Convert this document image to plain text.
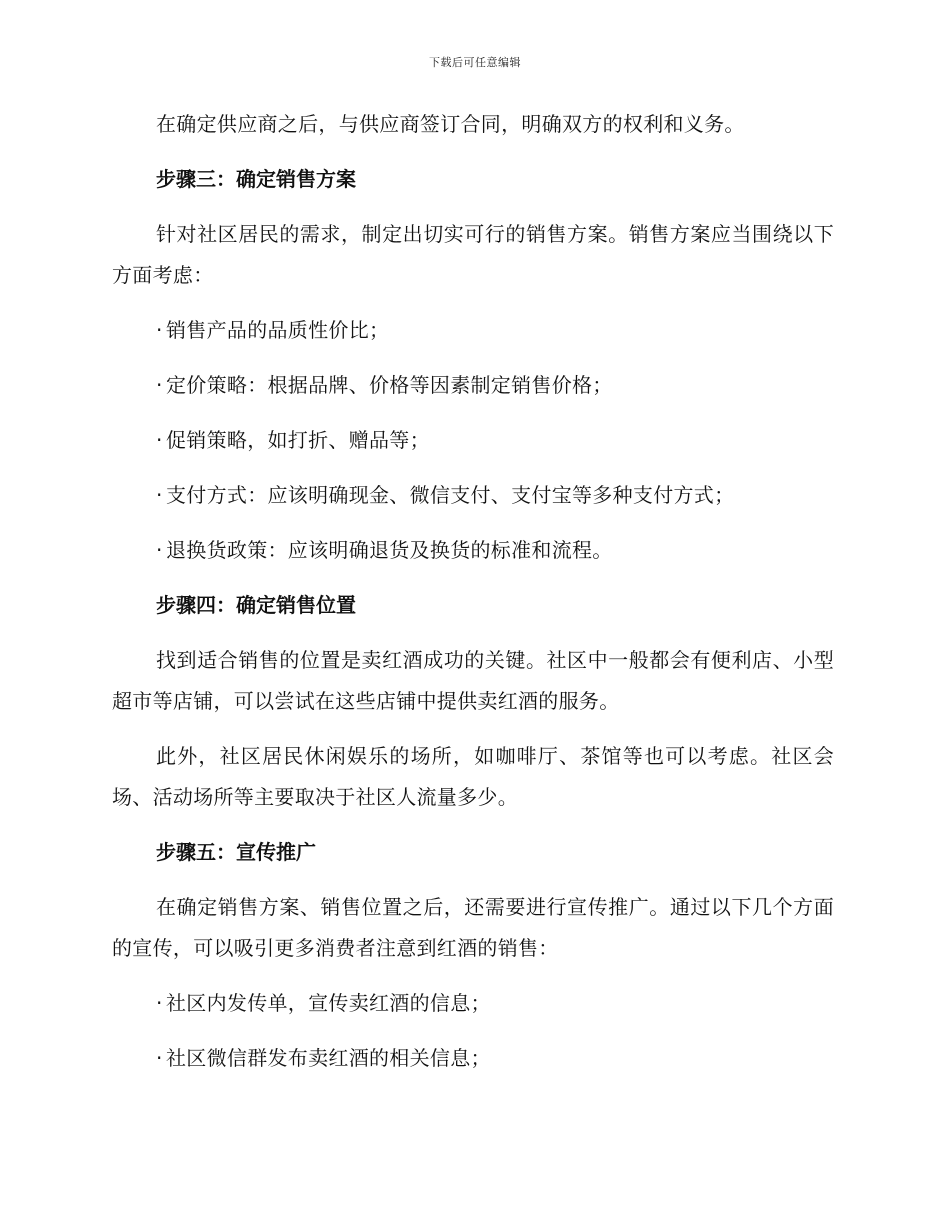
下载后可任意编辑

在确定供应商之后，与供应商签订合同，明确双方的权利和义务。

步骤三：确定销售方案

针对社区居民的需求，制定出切实可行的销售方案。销售方案应当围绕以下方面考虑：

· 销售产品的品质性价比；
· 定价策略：根据品牌、价格等因素制定销售价格；
· 促销策略，如打折、赠品等；
· 支付方式：应该明确现金、微信支付、支付宝等多种支付方式；
· 退换货政策：应该明确退货及换货的标准和流程。
步骤四：确定销售位置

找到适合销售的位置是卖红酒成功的关键。社区中一般都会有便利店、小型超市等店铺，可以尝试在这些店铺中提供卖红酒的服务。

此外，社区居民休闲娱乐的场所，如咖啡厅、茶馆等也可以考虑。社区会场、活动场所等主要取决于社区人流量多少。

步骤五：宣传推广

在确定销售方案、销售位置之后，还需要进行宣传推广。通过以下几个方面的宣传，可以吸引更多消费者注意到红酒的销售：

· 社区内发传单，宣传卖红酒的信息；
· 社区微信群发布卖红酒的相关信息；
